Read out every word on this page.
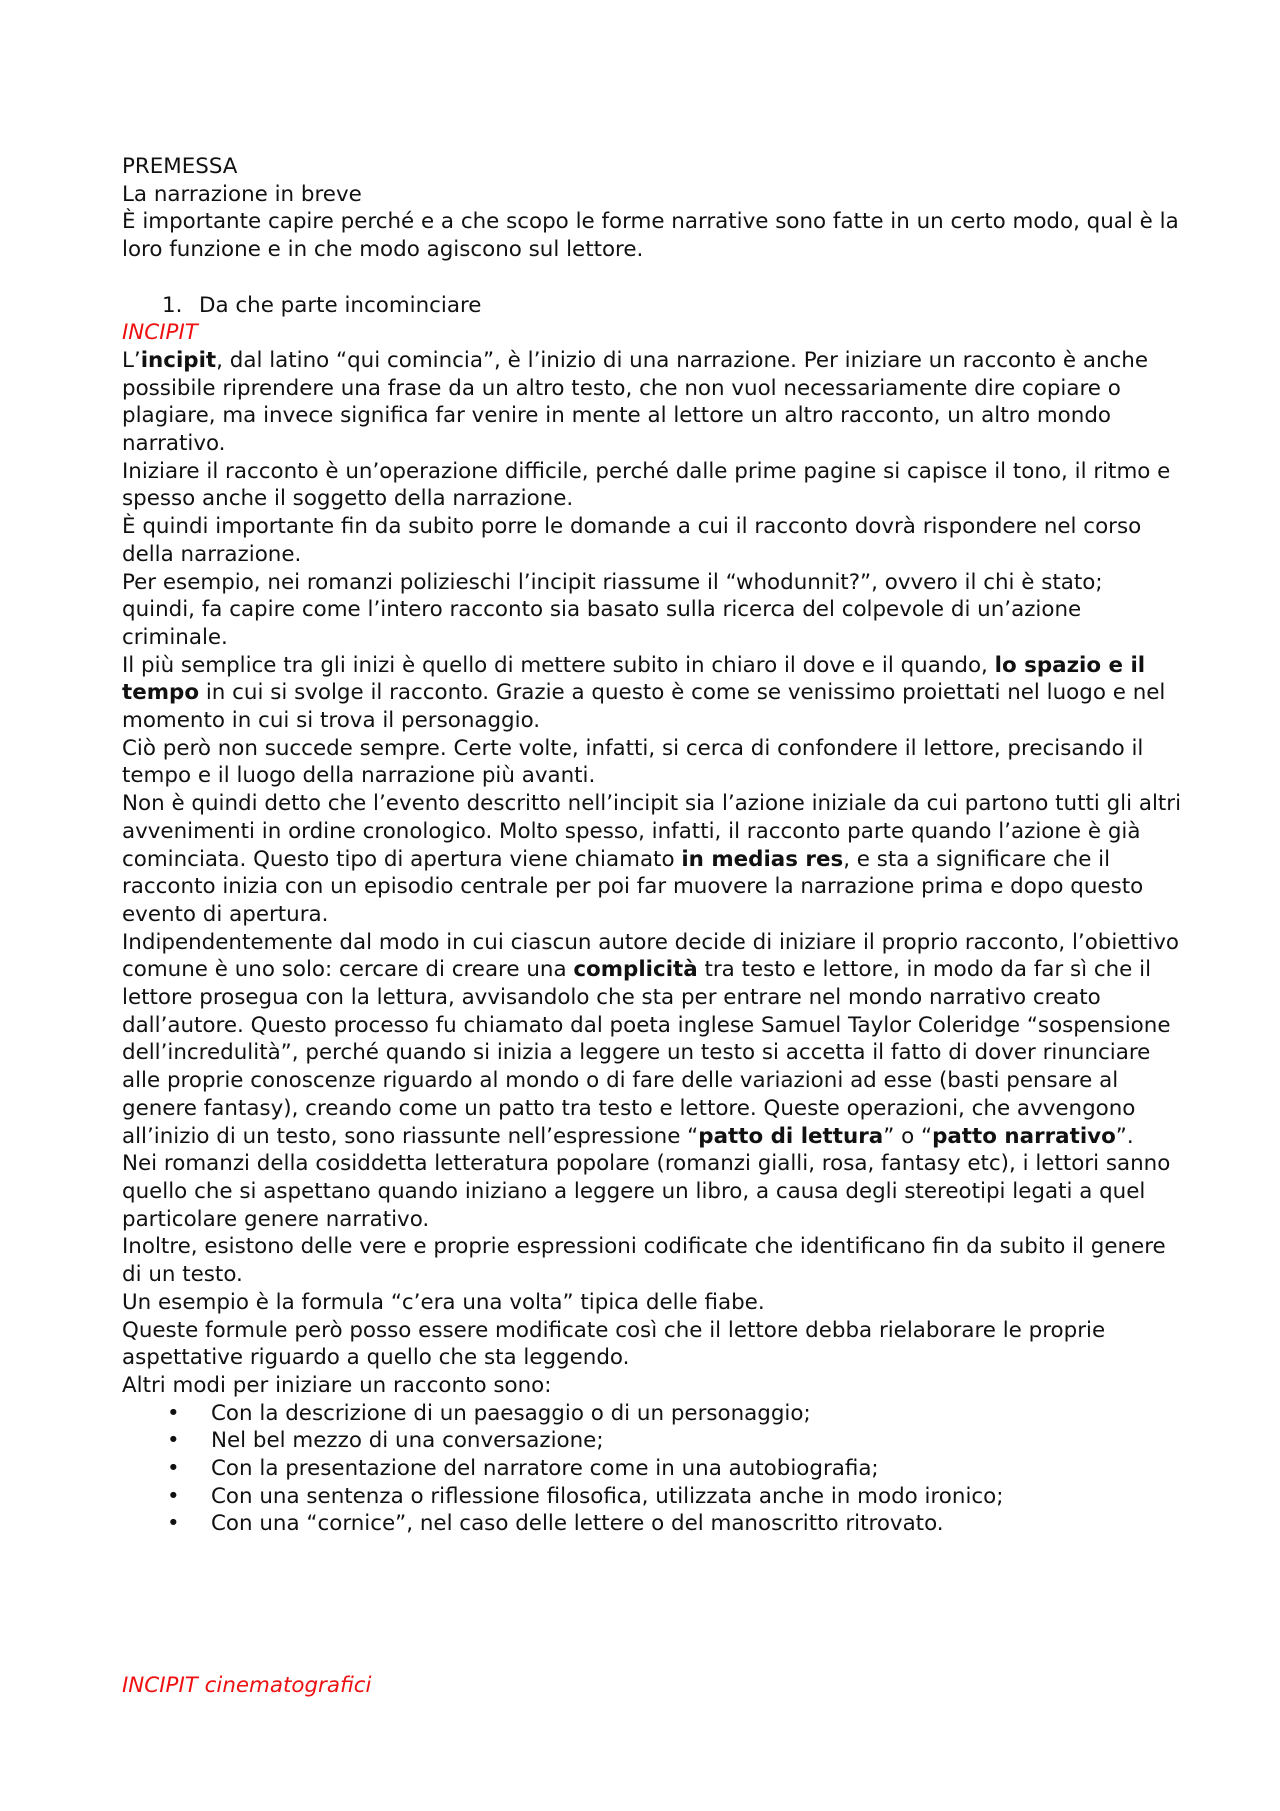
PREMESSA

La narrazione in breve

È importante capire perché e a che scopo le forme narrative sono fatte in un certo modo, qual è la loro funzione e in che modo agiscono sul lettore.

1. Da che parte incominciare

INCIPIT

L’incipit, dal latino “qui comincia”, è l’inizio di una narrazione. Per iniziare un racconto è anche possibile riprendere una frase da un altro testo, che non vuol necessariamente dire copiare o plagiare, ma invece significa far venire in mente al lettore un altro racconto, un altro mondo narrativo.

Iniziare il racconto è un’operazione difficile, perché dalle prime pagine si capisce il tono, il ritmo e spesso anche il soggetto della narrazione.

È quindi importante fin da subito porre le domande a cui il racconto dovrà rispondere nel corso della narrazione.

Per esempio, nei romanzi polizieschi l’incipit riassume il “whodunnit?”, ovvero il chi è stato; quindi, fa capire come l’intero racconto sia basato sulla ricerca del colpevole di un’azione criminale.

Il più semplice tra gli inizi è quello di mettere subito in chiaro il dove e il quando, lo spazio e il tempo in cui si svolge il racconto. Grazie a questo è come se venissimo proiettati nel luogo e nel momento in cui si trova il personaggio.

Ciò però non succede sempre. Certe volte, infatti, si cerca di confondere il lettore, precisando il tempo e il luogo della narrazione più avanti.

Non è quindi detto che l’evento descritto nell’incipit sia l’azione iniziale da cui partono tutti gli altri avvenimenti in ordine cronologico. Molto spesso, infatti, il racconto parte quando l’azione è già cominciata. Questo tipo di apertura viene chiamato in medias res, e sta a significare che il racconto inizia con un episodio centrale per poi far muovere la narrazione prima e dopo questo evento di apertura.

Indipendentemente dal modo in cui ciascun autore decide di iniziare il proprio racconto, l’obiettivo comune è uno solo: cercare di creare una complicità tra testo e lettore, in modo da far sì che il lettore prosegua con la lettura, avvisandolo che sta per entrare nel mondo narrativo creato dall’autore. Questo processo fu chiamato dal poeta inglese Samuel Taylor Coleridge “sospensione dell’incredulità”, perché quando si inizia a leggere un testo si accetta il fatto di dover rinunciare alle proprie conoscenze riguardo al mondo o di fare delle variazioni ad esse (basti pensare al genere fantasy), creando come un patto tra testo e lettore. Queste operazioni, che avvengono all’inizio di un testo, sono riassunte nell’espressione “patto di lettura” o “patto narrativo”.

Nei romanzi della cosiddetta letteratura popolare (romanzi gialli, rosa, fantasy etc), i lettori sanno quello che si aspettano quando iniziano a leggere un libro, a causa degli stereotipi legati a quel particolare genere narrativo.

Inoltre, esistono delle vere e proprie espressioni codificate che identificano fin da subito il genere di un testo.

Un esempio è la formula “c’era una volta” tipica delle fiabe.

Queste formule però posso essere modificate così che il lettore debba rielaborare le proprie aspettative riguardo a quello che sta leggendo.

Altri modi per iniziare un racconto sono:

• Con la descrizione di un paesaggio o di un personaggio;
• Nel bel mezzo di una conversazione;
• Con la presentazione del narratore come in una autobiografia;
• Con una sentenza o riflessione filosofica, utilizzata anche in modo ironico;
• Con una “cornice”, nel caso delle lettere o del manoscritto ritrovato.

INCIPIT cinematografici
